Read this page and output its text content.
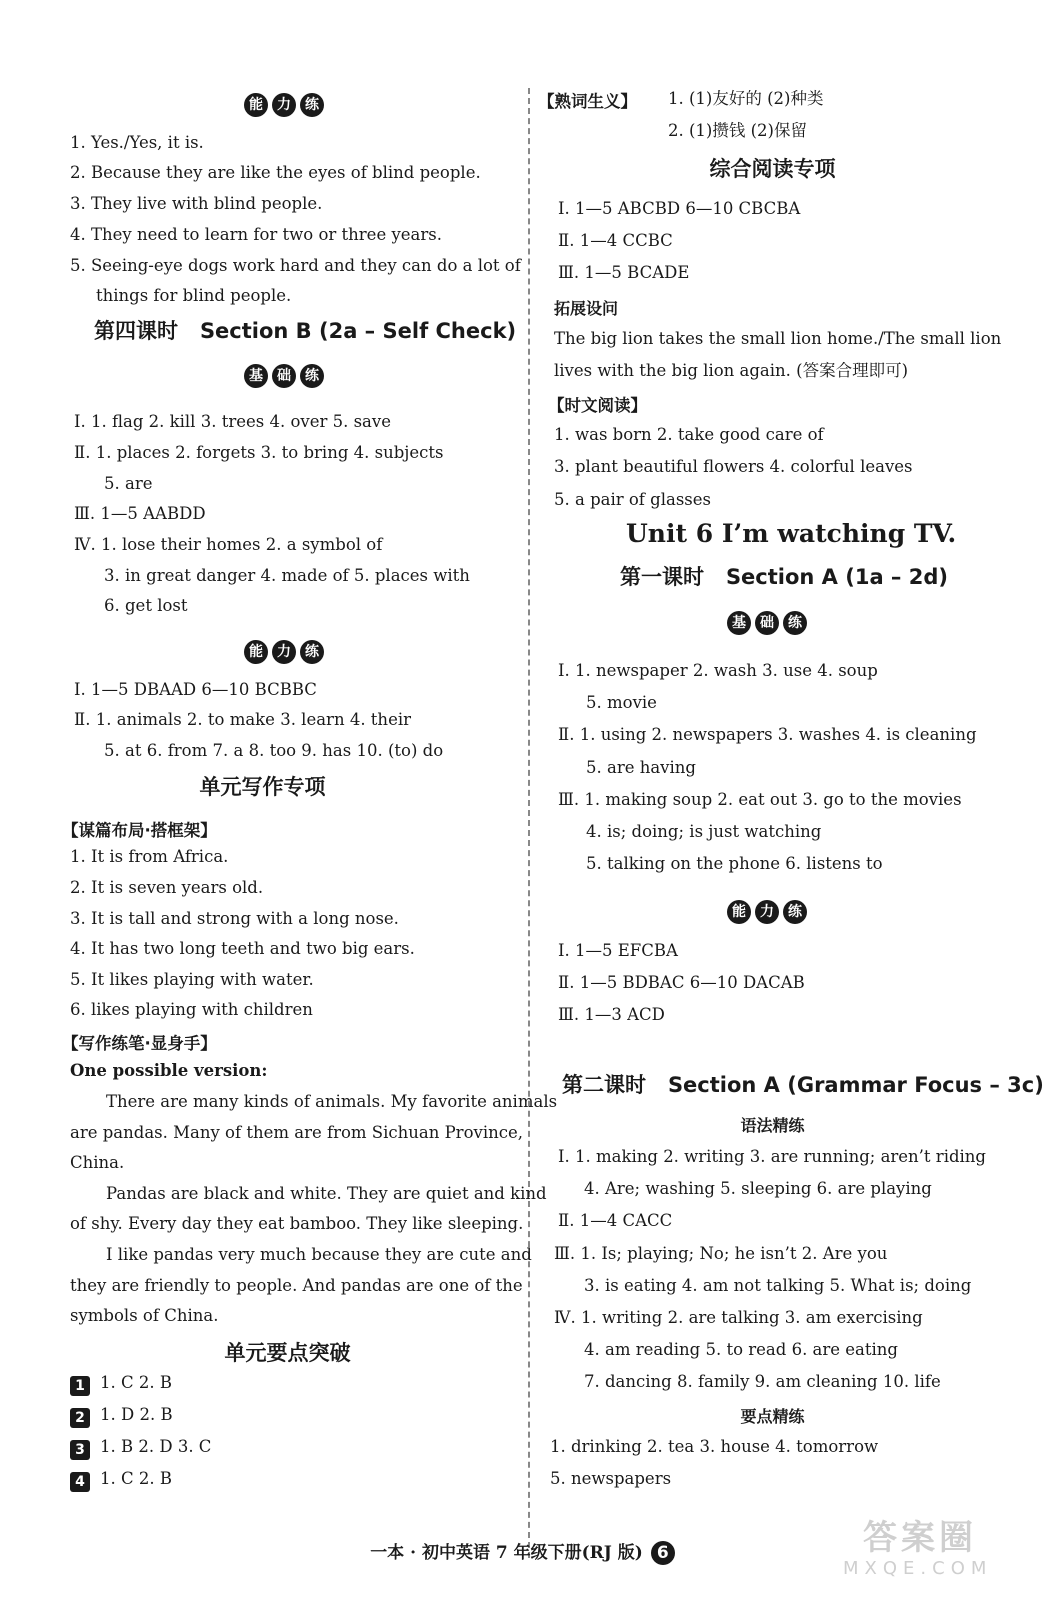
能	力	练
1. Yes./Yes, it is.
2. Because they are like the eyes of blind people.
3. They live with blind people.
4. They need to learn for two or three years.
5. Seeing-eye dogs work hard and they can do a lot of
things for blind people.
第四课时 Section B (2a – Self Check)
基	础	练
Ⅰ. 1. flag 2. kill 3. trees 4. over 5. save
Ⅱ. 1. places 2. forgets 3. to bring 4. subjects
5. are
Ⅲ. 1—5 AABDD
Ⅳ. 1. lose their homes 2. a symbol of
3. in great danger 4. made of 5. places with
6. get lost
能	力	练
Ⅰ. 1—5 DBAAD 6—10 BCBBC
Ⅱ. 1. animals 2. to make 3. learn 4. their
5. at 6. from 7. a 8. too 9. has 10. (to) do
单元写作专项
【谋篇布局·搭框架】
1. It is from Africa.
2. It is seven years old.
3. It is tall and strong with a long nose.
4. It has two long teeth and two big ears.
5. It likes playing with water.
6. likes playing with children
【写作练笔·显身手】
One possible version:
There are many kinds of animals. My favorite animals
are pandas. Many of them are from Sichuan Province,
China.
Pandas are black and white. They are quiet and kind
of shy. Every day they eat bamboo. They like sleeping.
I like pandas very much because they are cute and
they are friendly to people. And pandas are one of the
symbols of China.
单元要点突破
1 1. C 2. B
2 1. D 2. B
3 1. B 2. D 3. C
4 1. C 2. B
【熟词生义】 1. (1)友好的 (2)种类
2. (1)攒钱 (2)保留
综合阅读专项
Ⅰ. 1—5 ABCBD 6—10 CBCBA
Ⅱ. 1—4 CCBC
Ⅲ. 1—5 BCADE
拓展设问
The big lion takes the small lion home./The small lion
lives with the big lion again. (答案合理即可)
【时文阅读】
1. was born 2. take good care of
3. plant beautiful flowers 4. colorful leaves
5. a pair of glasses
Unit 6 I’m watching TV.
第一课时 Section A (1a – 2d)
基	础	练
Ⅰ. 1. newspaper 2. wash 3. use 4. soup
5. movie
Ⅱ. 1. using 2. newspapers 3. washes 4. is cleaning
5. are having
Ⅲ. 1. making soup 2. eat out 3. go to the movies
4. is; doing; is just watching
5. talking on the phone 6. listens to
能	力	练
Ⅰ. 1—5 EFCBA
Ⅱ. 1—5 BDBAC 6—10 DACAB
Ⅲ. 1—3 ACD
第二课时 Section A (Grammar Focus – 3c)
语法精练
Ⅰ. 1. making 2. writing 3. are running; aren’t riding
4. Are; washing 5. sleeping 6. are playing
Ⅱ. 1—4 CACC
Ⅲ. 1. Is; playing; No; he isn’t 2. Are you
3. is eating 4. am not talking 5. What is; doing
Ⅳ. 1. writing 2. are talking 3. am exercising
4. am reading 5. to read 6. are eating
7. dancing 8. family 9. am cleaning 10. life
要点精练
1. drinking 2. tea 3. house 4. tomorrow
5. newspapers
一本 · 初中英语 7 年级下册(RJ 版) 6	答案圈
MXQE.COM
